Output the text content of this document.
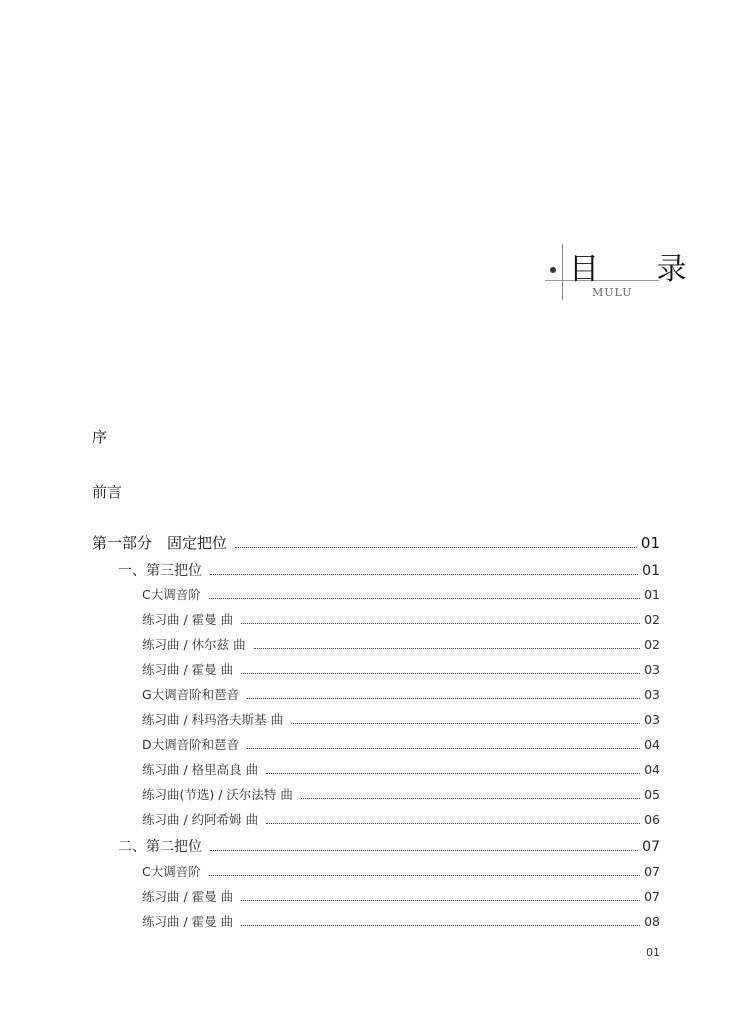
目 录
MULU
序
前言
第一部分　固定把位	01
一、第三把位	01
C大调音阶	01
练习曲 / 霍曼 曲	02
练习曲 / 休尔兹 曲	02
练习曲 / 霍曼 曲	03
G大调音阶和琶音	03
练习曲 / 科玛洛夫斯基 曲	03
D大调音阶和琶音	04
练习曲 / 格里高良 曲	04
练习曲(节选) / 沃尔法特 曲	05
练习曲 / 约阿希姆 曲	06
二、第二把位	07
C大调音阶	07
练习曲 / 霍曼 曲	07
练习曲 / 霍曼 曲	08
01
